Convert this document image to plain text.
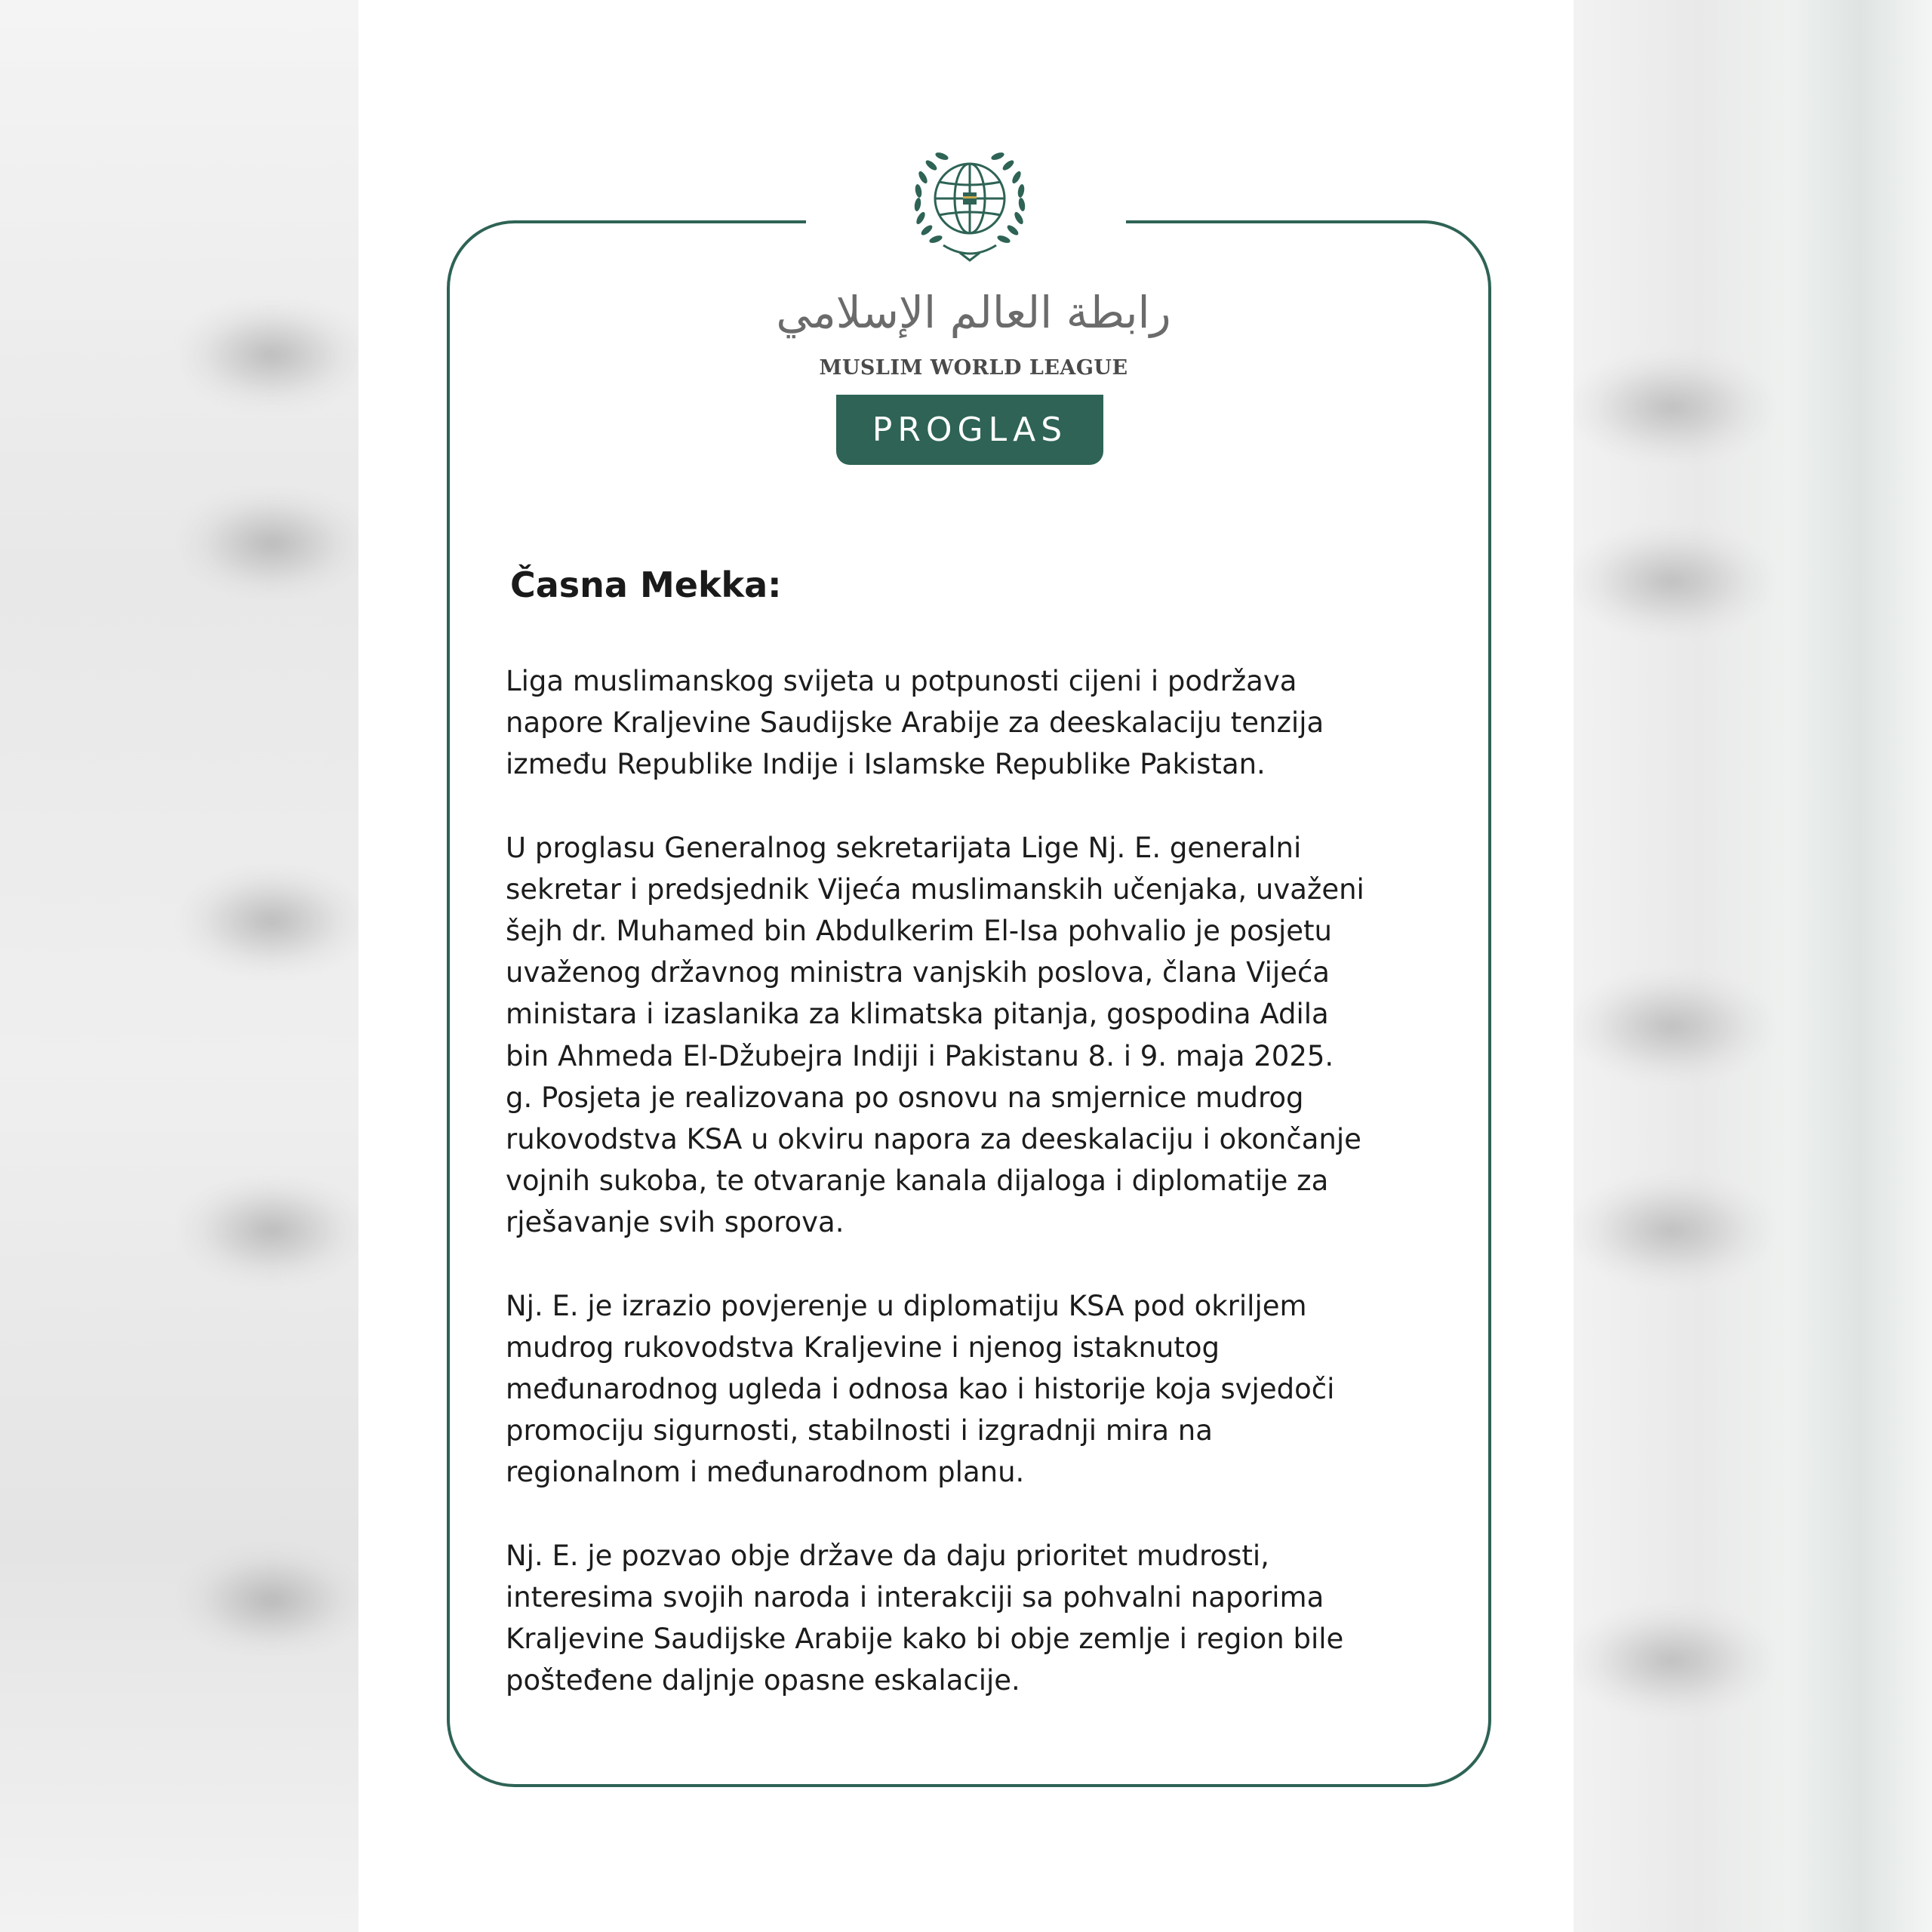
رابطة العالم الإسلامي
MUSLIM WORLD LEAGUE
PROGLAS
Časna Mekka:

Liga muslimanskog svijeta u potpunosti cijeni i podržava
napore Kraljevine Saudijske Arabije za deeskalaciju tenzija
između Republike Indije i Islamske Republike Pakistan.

U proglasu Generalnog sekretarijata Lige Nj. E. generalni
sekretar i predsjednik Vijeća muslimanskih učenjaka, uvaženi
šejh dr. Muhamed bin Abdulkerim El-Isa pohvalio je posjetu
uvaženog državnog ministra vanjskih poslova, člana Vijeća
ministara i izaslanika za klimatska pitanja, gospodina Adila
bin Ahmeda El-Džubejra Indiji i Pakistanu 8. i 9. maja 2025.
g. Posjeta je realizovana po osnovu na smjernice mudrog
rukovodstva KSA u okviru napora za deeskalaciju i okončanje
vojnih sukoba, te otvaranje kanala dijaloga i diplomatije za
rješavanje svih sporova.

Nj. E. je izrazio povjerenje u diplomatiju KSA pod okriljem
mudrog rukovodstva Kraljevine i njenog istaknutog
međunarodnog ugleda i odnosa kao i historije koja svjedoči
promociju sigurnosti, stabilnosti i izgradnji mira na
regionalnom i međunarodnom planu.

Nj. E. je pozvao obje države da daju prioritet mudrosti,
interesima svojih naroda i interakciji sa pohvalni naporima
Kraljevine Saudijske Arabije kako bi obje zemlje i region bile
pošteđene daljnje opasne eskalacije.
